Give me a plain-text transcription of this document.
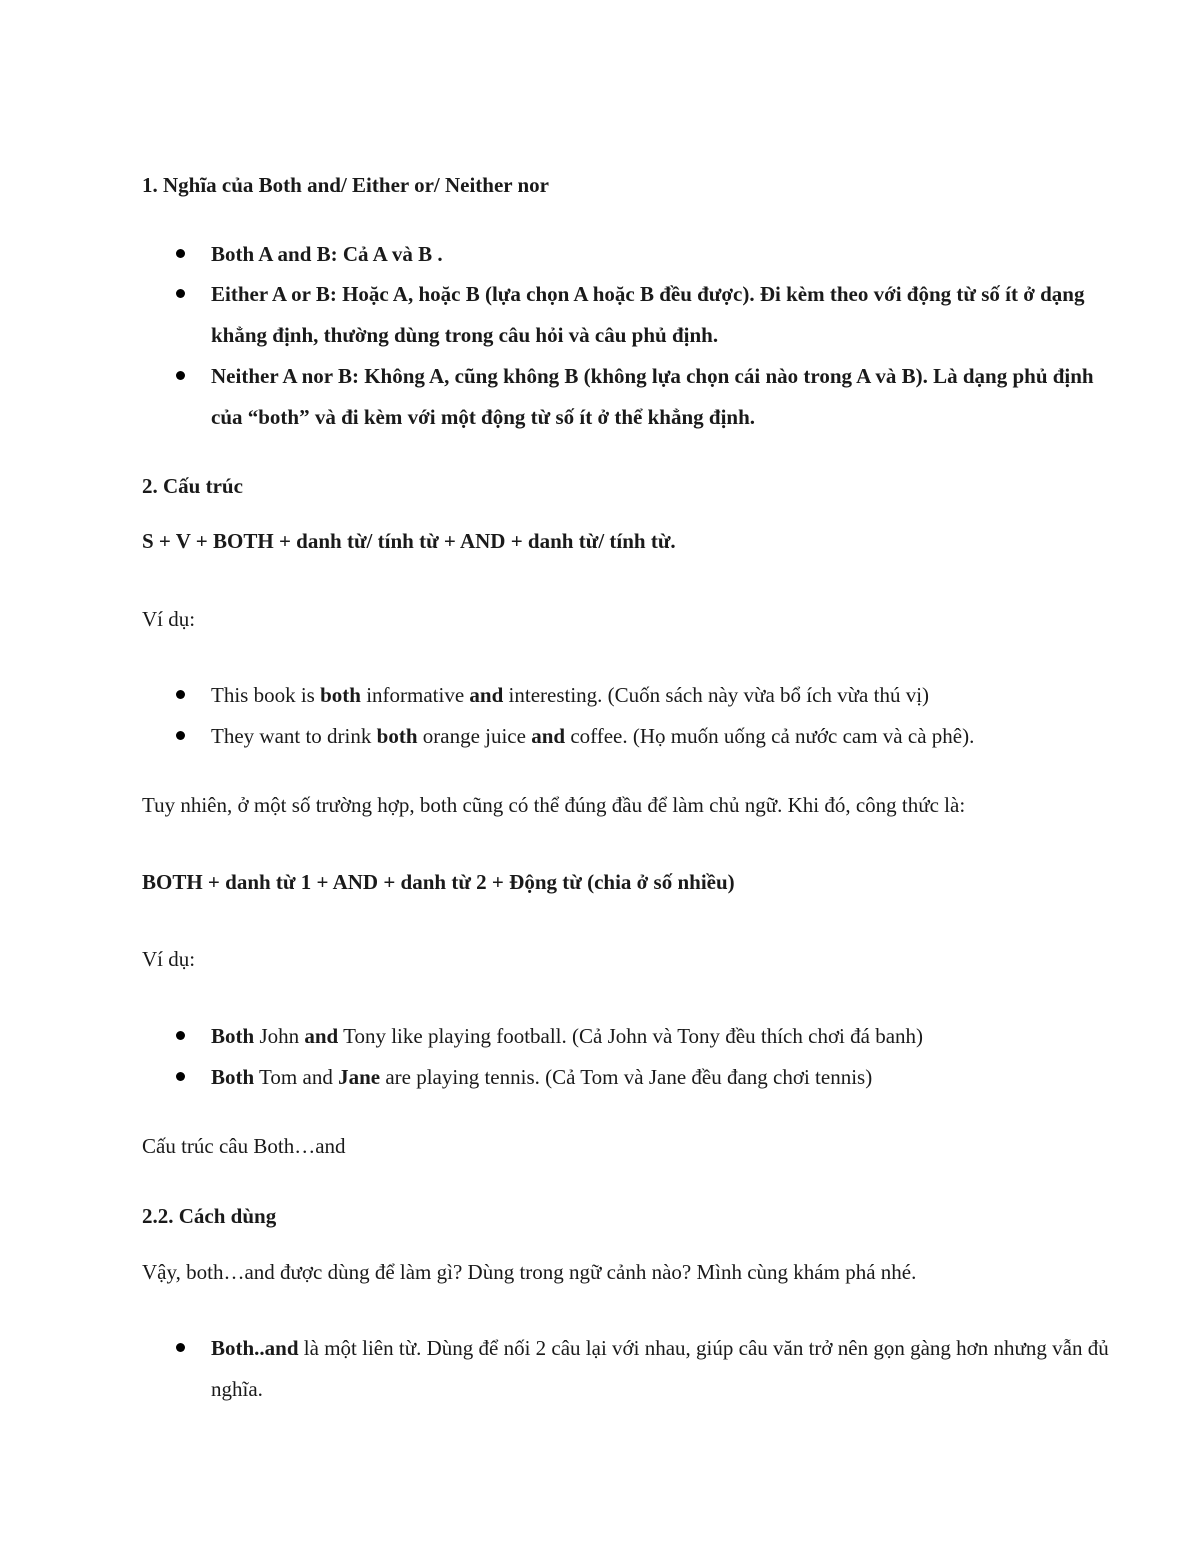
1. Nghĩa của Both and/ Either or/ Neither nor

Both A and B: Cả A và B .
Either A or B: Hoặc A, hoặc B (lựa chọn A hoặc B đều được). Đi kèm theo với động từ số ít ở dạng khẳng định, thường dùng trong câu hỏi và câu phủ định.
Neither A nor B: Không A, cũng không B (không lựa chọn cái nào trong A và B). Là dạng phủ định của “both” và đi kèm với một động từ số ít ở thể khẳng định.

2. Cấu trúc

S + V + BOTH + danh từ/ tính từ + AND + danh từ/ tính từ.

Ví dụ:

This book is both informative and interesting. (Cuốn sách này vừa bổ ích vừa thú vị)
They want to drink both orange juice and coffee. (Họ muốn uống cả nước cam và cà phê).

Tuy nhiên, ở một số trường hợp, both cũng có thể đúng đầu để làm chủ ngữ. Khi đó, công thức là:

BOTH + danh từ 1 + AND + danh từ 2 + Động từ (chia ở số nhiều)

Ví dụ:

Both John and Tony like playing football. (Cả John và Tony đều thích chơi đá banh)
Both Tom and Jane are playing tennis. (Cả Tom và Jane đều đang chơi tennis)

Cấu trúc câu Both…and

2.2. Cách dùng

Vậy, both…and được dùng để làm gì? Dùng trong ngữ cảnh nào? Mình cùng khám phá nhé.

Both..and là một liên từ. Dùng để nối 2 câu lại với nhau, giúp câu văn trở nên gọn gàng hơn nhưng vẫn đủ nghĩa.
